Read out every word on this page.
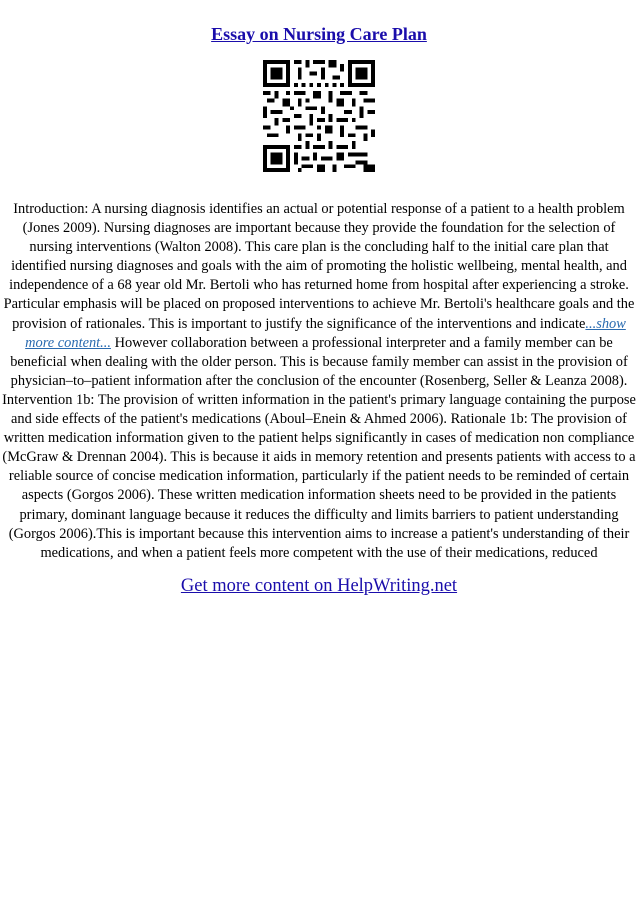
Essay on Nursing Care Plan
Introduction: A nursing diagnosis identifies an actual or potential response of a patient to a health problem (Jones 2009). Nursing diagnoses are important because they provide the foundation for the selection of nursing interventions (Walton 2008). This care plan is the concluding half to the initial care plan that identified nursing diagnoses and goals with the aim of promoting the holistic wellbeing, mental health, and independence of a 68 year old Mr. Bertoli who has returned home from hospital after experiencing a stroke. Particular emphasis will be placed on proposed interventions to achieve Mr. Bertoli's healthcare goals and the provision of rationales. This is important to justify the significance of the interventions and indicate...show more content... However collaboration between a professional interpreter and a family member can be beneficial when dealing with the older person. This is because family member can assist in the provision of physician–to–patient information after the conclusion of the encounter (Rosenberg, Seller & Leanza 2008). Intervention 1b: The provision of written information in the patient's primary language containing the purpose and side effects of the patient's medications (Aboul–Enein & Ahmed 2006). Rationale 1b: The provision of written medication information given to the patient helps significantly in cases of medication non compliance (McGraw & Drennan 2004). This is because it aids in memory retention and presents patients with access to a reliable source of concise medication information, particularly if the patient needs to be reminded of certain aspects (Gorgos 2006). These written medication information sheets need to be provided in the patients primary, dominant language because it reduces the difficulty and limits barriers to patient understanding (Gorgos 2006).This is important because this intervention aims to increase a patient's understanding of their medications, and when a patient feels more competent with the use of their medications, reduced
Get more content on HelpWriting.net
